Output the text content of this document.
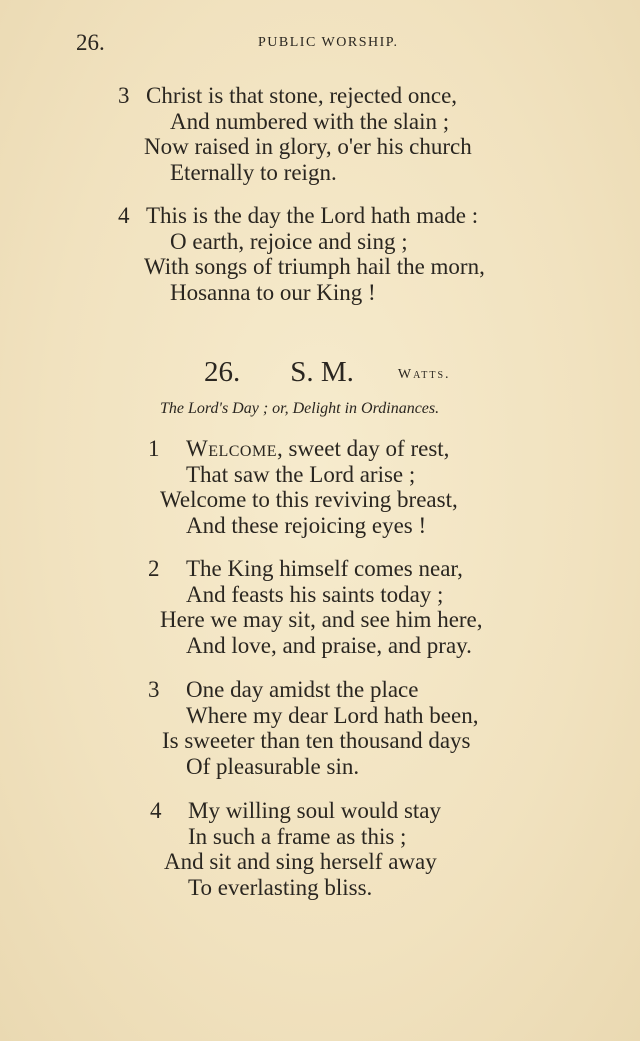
26.	PUBLIC WORSHIP.
3 Christ is that stone, rejected once,
And numbered with the slain ;
Now raised in glory, o'er his church
Eternally to reign.
4 This is the day the Lord hath made :
O earth, rejoice and sing ;
With songs of triumph hail the morn,
Hosanna to our King !
26. S. M.	Watts.
The Lord's Day ; or, Delight in Ordinances.
1 Welcome, sweet day of rest,
That saw the Lord arise ;
Welcome to this reviving breast,
And these rejoicing eyes !
2 The King himself comes near,
And feasts his saints today ;
Here we may sit, and see him here,
And love, and praise, and pray.
3 One day amidst the place
Where my dear Lord hath been,
Is sweeter than ten thousand days
Of pleasurable sin.
4 My willing soul would stay
In such a frame as this ;
And sit and sing herself away
To everlasting bliss.
